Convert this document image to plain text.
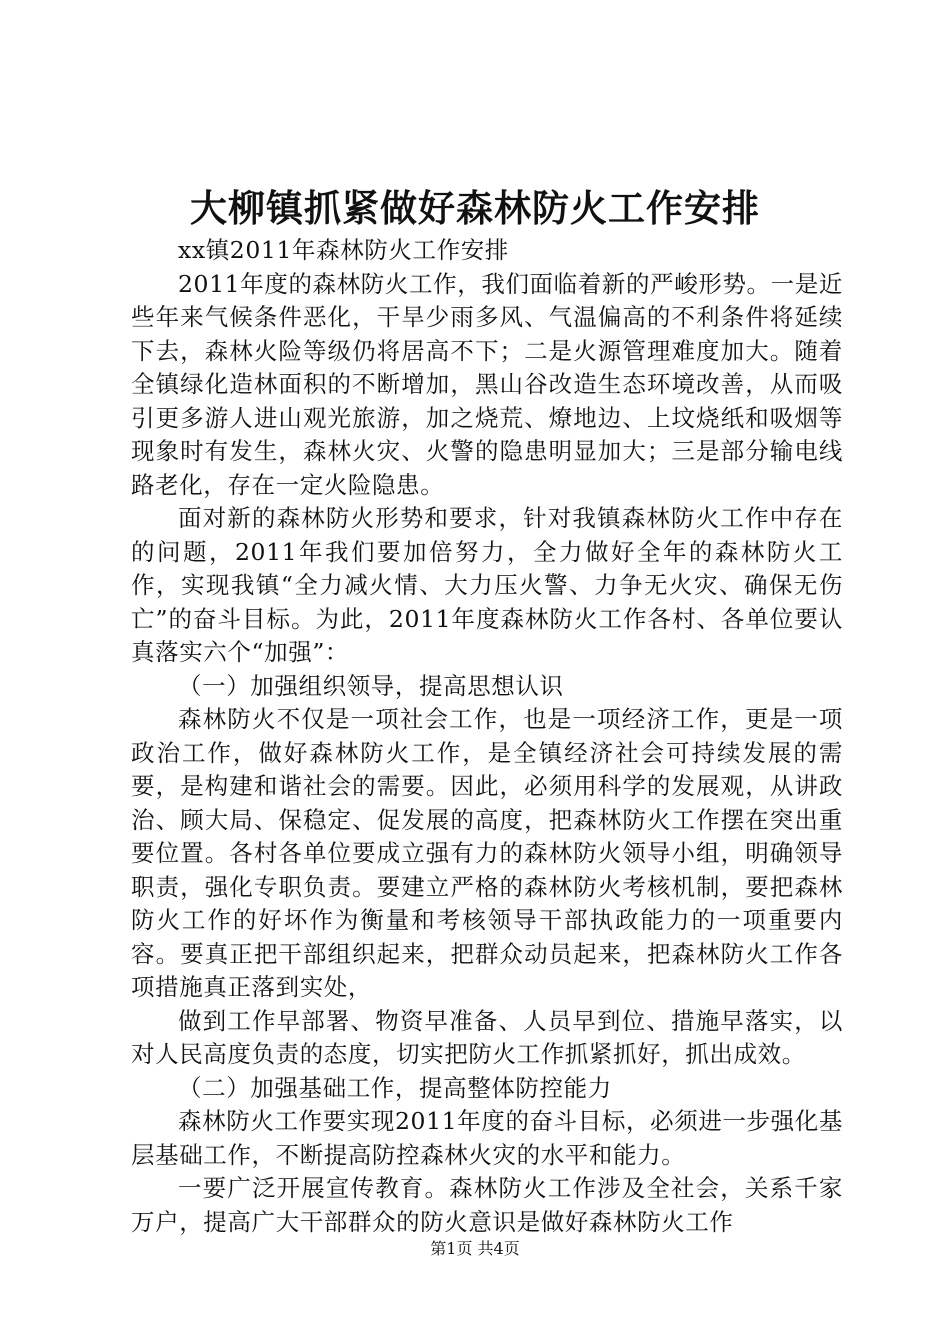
大柳镇抓紧做好森林防火工作安排

xx镇2011年森林防火工作安排

2011年度的森林防火工作，我们面临着新的严峻形势。一是近些年来气候条件恶化，干旱少雨多风、气温偏高的不利条件将延续下去，森林火险等级仍将居高不下；二是火源管理难度加大。随着全镇绿化造林面积的不断增加，黑山谷改造生态环境改善，从而吸引更多游人进山观光旅游，加之烧荒、燎地边、上坟烧纸和吸烟等现象时有发生，森林火灾、火警的隐患明显加大；三是部分输电线路老化，存在一定火险隐患。

面对新的森林防火形势和要求，针对我镇森林防火工作中存在的问题，2011年我们要加倍努力，全力做好全年的森林防火工作，实现我镇“全力减火情、大力压火警、力争无火灾、确保无伤亡”的奋斗目标。为此，2011年度森林防火工作各村、各单位要认真落实六个“加强”：

（一）加强组织领导，提高思想认识

森林防火不仅是一项社会工作，也是一项经济工作，更是一项政治工作，做好森林防火工作，是全镇经济社会可持续发展的需要，是构建和谐社会的需要。因此，必须用科学的发展观，从讲政治、顾大局、保稳定、促发展的高度，把森林防火工作摆在突出重要位置。各村各单位要成立强有力的森林防火领导小组，明确领导职责，强化专职负责。要建立严格的森林防火考核机制，要把森林防火工作的好坏作为衡量和考核领导干部执政能力的一项重要内容。要真正把干部组织起来，把群众动员起来，把森林防火工作各项措施真正落到实处，

做到工作早部署、物资早准备、人员早到位、措施早落实，以对人民高度负责的态度，切实把防火工作抓紧抓好，抓出成效。

（二）加强基础工作，提高整体防控能力

森林防火工作要实现2011年度的奋斗目标，必须进一步强化基层基础工作，不断提高防控森林火灾的水平和能力。

一要广泛开展宣传教育。森林防火工作涉及全社会，关系千家万户，提高广大干部群众的防火意识是做好森林防火工作

第1页 共4页
